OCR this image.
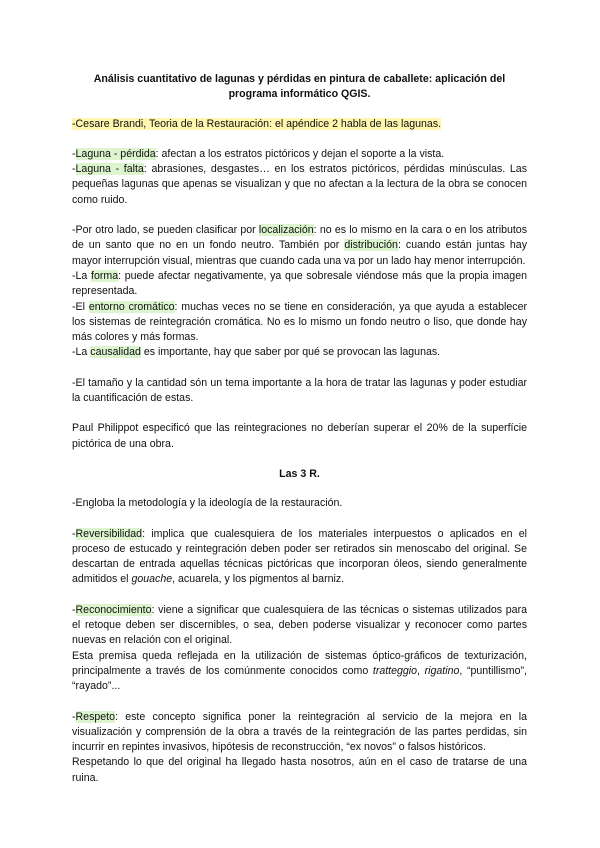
Análisis cuantitativo de lagunas y pérdidas en pintura de caballete: aplicación del programa informático QGIS.

-Cesare Brandi, Teoria de la Restauración: el apéndice 2 habla de las lagunas.

-Laguna - pérdida: afectan a los estratos pictóricos y dejan el soporte a la vista.

-Laguna - falta: abrasiones, desgastes… en los estratos pictóricos, pérdidas minúsculas. Las pequeñas lagunas que apenas se visualizan y que no afectan a la lectura de la obra se conocen como ruido.

-Por otro lado, se pueden clasificar por localización: no es lo mismo en la cara o en los atributos de un santo que no en un fondo neutro. También por distribución: cuando están juntas hay mayor interrupción visual, mientras que cuando cada una va por un lado hay menor interrupción.

-La forma: puede afectar negativamente, ya que sobresale viéndose más que la propia imagen representada.

-El entorno cromático: muchas veces no se tiene en consideración, ya que ayuda a establecer los sistemas de reintegración cromática. No es lo mismo un fondo neutro o liso, que donde hay más colores y más formas.

-La causalidad es importante, hay que saber por qué se provocan las lagunas.

-El tamaño y la cantidad són un tema importante a la hora de tratar las lagunas y poder estudiar la cuantificación de estas.

Paul Philippot especificó que las reintegraciones no deberían superar el 20% de la superfície pictórica de una obra.

Las 3 R.

-Engloba la metodología y la ideología de la restauración.

-Reversibilidad: implica que cualesquiera de los materiales interpuestos o aplicados en el proceso de estucado y reintegración deben poder ser retirados sin menoscabo del original. Se descartan de entrada aquellas técnicas pictóricas que incorporan óleos, siendo generalmente admitidos el gouache, acuarela, y los pigmentos al barniz.

-Reconocimiento: viene a significar que cualesquiera de las técnicas o sistemas utilizados para el retoque deben ser discernibles, o sea, deben poderse visualizar y reconocer como partes nuevas en relación con el original.

Esta premisa queda reflejada en la utilización de sistemas óptico-gráficos de texturización, principalmente a través de los comúnmente conocidos como tratteggio, rigatino, “puntillismo”, “rayado”...

-Respeto: este concepto significa poner la reintegración al servicio de la mejora en la visualización y comprensión de la obra a través de la reintegración de las partes perdidas, sin incurrir en repintes invasivos, hipótesis de reconstrucción, “ex novos” o falsos históricos.

Respetando lo que del original ha llegado hasta nosotros, aún en el caso de tratarse de una ruina.
